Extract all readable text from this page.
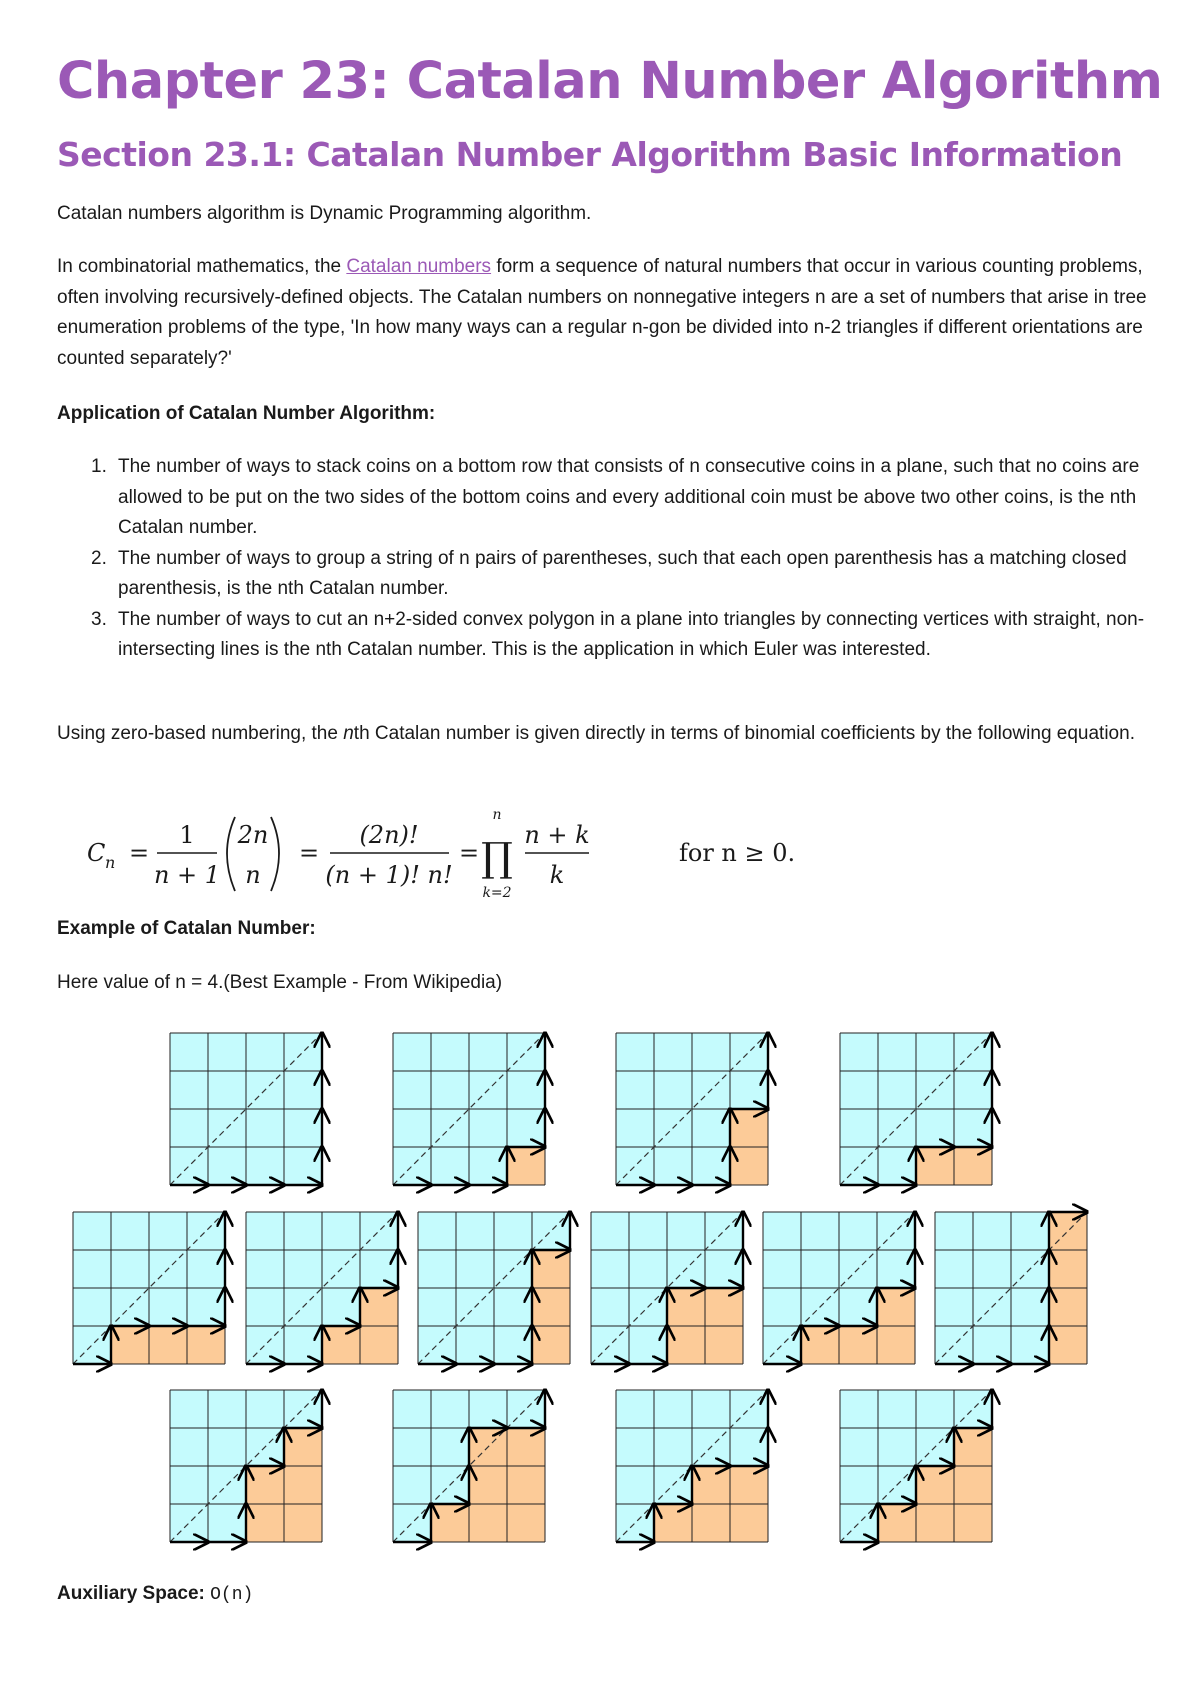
Chapter 23: Catalan Number Algorithm
Section 23.1: Catalan Number Algorithm Basic Information

Catalan numbers algorithm is Dynamic Programming algorithm.

In combinatorial mathematics, the Catalan numbers form a sequence of natural numbers that occur in various counting problems, often involving recursively-defined objects. The Catalan numbers on nonnegative integers n are a set of numbers that arise in tree enumeration problems of the type, 'In how many ways can a regular n-gon be divided into n-2 triangles if different orientations are counted separately?'

Application of Catalan Number Algorithm:

1. The number of ways to stack coins on a bottom row that consists of n consecutive coins in a plane, such that no coins are allowed to be put on the two sides of the bottom coins and every additional coin must be above two other coins, is the nth Catalan number.
2. The number of ways to group a string of n pairs of parentheses, such that each open parenthesis has a matching closed parenthesis, is the nth Catalan number.
3. The number of ways to cut an n+2-sided convex polygon in a plane into triangles by connecting vertices with straight, non-intersecting lines is the nth Catalan number. This is the application in which Euler was interested.

Using zero-based numbering, the nth Catalan number is given directly in terms of binomial coefficients by the following equation.

C n =
1
n + 1
2n
n
=
(2n)!
(n + 1)! n!
=
n
∏
k=2
n + k
k
for n ≥ 0.

Example of Catalan Number:

Here value of n = 4.(Best Example - From Wikipedia)

Auxiliary Space: O(n)
